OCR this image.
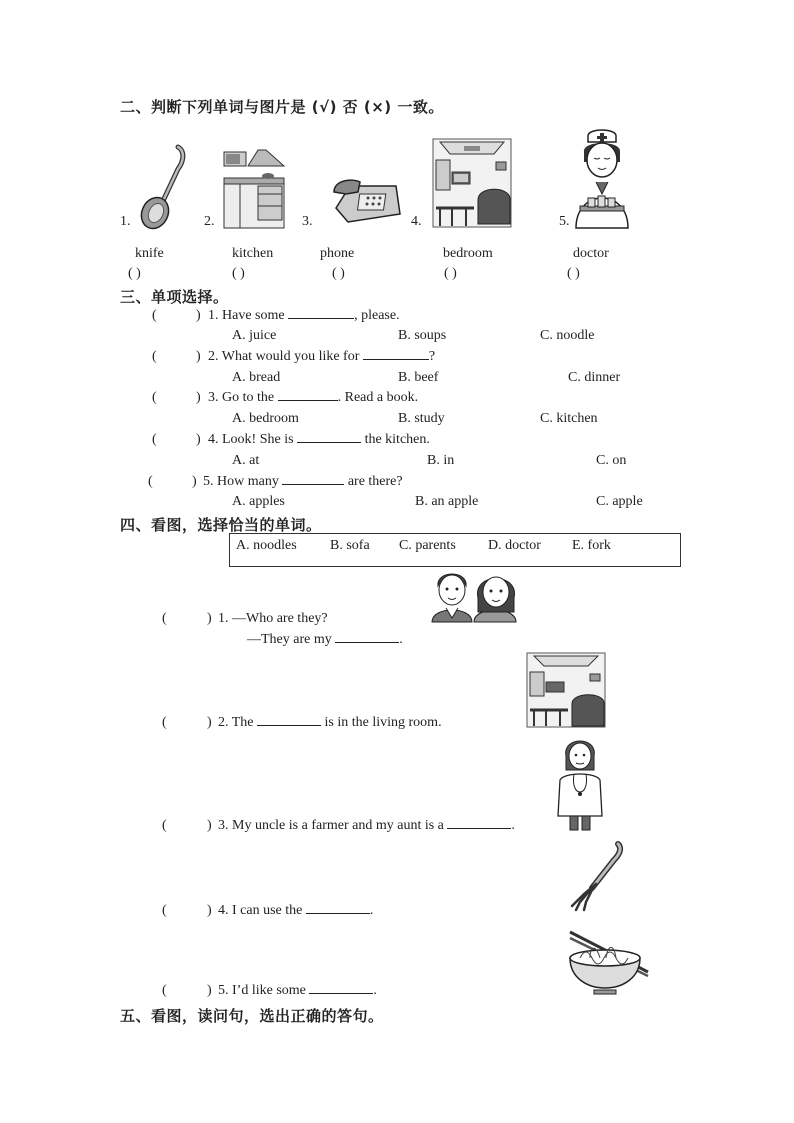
二、判断下列单词与图片是 (√) 否 (×) 一致。
1.	2.	3.	4.	5.
knife	kitchen	phone	bedroom	doctor
( )	( )	( )	( )	( )
三、单项选择。
(	) 1. Have some	, please.
A. juice	B. soups	C. noodle
(	) 2. What would you like for	?
A. bread	B. beef	C. dinner
(	) 3. Go to the	. Read a book.
A. bedroom	B. study	C. kitchen
(	) 4. Look! She is	the kitchen.
A. at	B. in	C. on
(	) 5. How many	are there?
A. apples	B. an apple	C. apple
四、看图，选择恰当的单词。
A. noodles B. sofa C. parents D. doctor E. fork
(	) 1. —Who are they?
—They are my	.
(	) 2. The	is in the living room.
(	) 3. My uncle is a farmer and my aunt is a	.
(	) 4. I can use the	.
(	) 5. I’d like some	.
五、看图，读问句，选出正确的答句。
